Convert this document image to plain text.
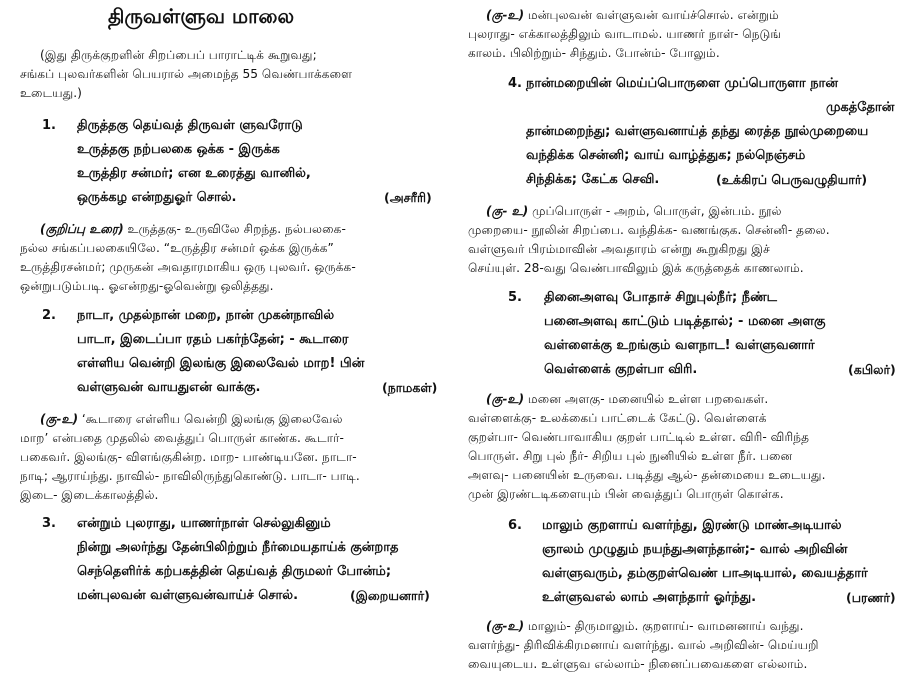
திருவள்ளுவ மாலை
(இது திருக்குறளின் சிறப்பைப் பாராட்டிக் கூறுவது;
சங்கப் புலவர்களின் பெயரால் அமைந்த 55 வெண்பாக்களை
உடையது.)
1. திருத்தகு தெய்வத் திருவள் ளுவரோடு
உருத்தகு நற்பலகை ஒக்க - இருக்க
உருத்திர சன்மர்; என உரைத்து வானில்,
ஒருக்கழ என்றதுஓர் சொல்.	(அசரீரி)
(குறிப்பு உரை) உருத்தகு- உருவிலே சிறந்த. நல்பலகை-
நல்ல சங்கப்பலகையிலே. “உருத்திர சன்மர் ஒக்க இருக்க”
உருத்திரசன்மர்; முருகன் அவதாரமாகிய ஒரு புலவர். ஒருக்க-
ஒன்றுபடும்படி. ஓஎன்றது-ஓவென்று ஒலித்தது.
2. நாடா, முதல்நான் மறை, நான் முகன்நாவில்
பாடா, இடைப்பா ரதம் பகர்ந்தேன்; - கூடாரை
எள்ளிய வென்றி இலங்கு இலைவேல் மாற! பின்
வள்ளுவன் வாயதுஎன் வாக்கு.	(நாமகள்)
(கு-உ) ‘கூடாரை எள்ளிய வென்றி இலங்கு இலைவேல்
மாற’ என்பதை முதலில் வைத்துப் பொருள் காண்க. கூடார்-
பகைவர். இலங்கு- விளங்குகின்ற. மாற- பாண்டியனே. நாடா-
நாடி; ஆராய்ந்து. நாவில்- நாவிலிருந்துகொண்டு. பாடா- பாடி.
இடை- இடைக்காலத்தில்.
3. என்றும் புலராது, யாணர்நாள் செல்லுகினும்
நின்று அலர்ந்து தேன்பிலிற்றும் நீர்மையதாய்க் குன்றாத
செந்தெளிர்க் கற்பகத்தின் தெய்வத் திருமலர் போன்ம்;
மன்புலவன் வள்ளுவன்வாய்ச் சொல்.	(இறையனார்)
(கு-உ) மன்புலவன் வள்ளுவன் வாய்ச்சொல். என்றும்
புலராது- எக்காலத்திலும் வாடாமல். யாணர் நாள்- நெடுங்
காலம். பிலிற்றும்- சிந்தும். போன்ம்- போலும்.
4. நான்மறையின் மெய்ப்பொருளை முப்பொருளா நான்
முகத்தோன்
தான்மறைந்து; வள்ளுவனாய்த் தந்து ரைத்த நூல்முறையை
வந்திக்க சென்னி; வாய் வாழ்த்துக; நல்நெஞ்சம்
சிந்திக்க; கேட்க செவி.	(உக்கிரப் பெருவழுதியார்)
(கு- உ) முப்பொருள் - அறம், பொருள், இன்பம். நூல்
முறையை- நூலின் சிறப்பை. வந்திக்க- வணங்குக. சென்னி- தலை.
வள்ளுவர் பிரம்மாவின் அவதாரம் என்று கூறுகிறது இச்
செய்யுள். 28-வது வெண்பாவிலும் இக் கருத்தைக் காணலாம்.
5. தினைஅளவு போதாச் சிறுபுல்நீர்; நீண்ட
பனைஅளவு காட்டும் படித்தால்; - மனை அளகு
வள்ளைக்கு உறங்கும் வளநாட! வள்ளுவனார்
வெள்ளைக் குறள்பா விரி.	(கபிலர்)
(கு-உ) மனை அளகு- மனையில் உள்ள பறவைகள்.
வள்ளைக்கு- உலக்கைப் பாட்டைக் கேட்டு. வெள்ளைக்
குறள்பா- வெண்பாவாகிய குறள் பாட்டில் உள்ள. விரி- விரிந்த
பொருள். சிறு புல் நீர்- சிறிய புல் நுனியில் உள்ள நீர். பனை
அளவு- பனையின் உருவை. படித்து ஆல்- தன்மையை உடையது.
முன் இரண்டடிகளையும் பின் வைத்துப் பொருள் கொள்க.
6. மாலும் குறளாய் வளர்ந்து, இரண்டு மாண்அடியால்
ஞாலம் முழுதும் நயந்துஅளந்தான்;- வால் அறிவின்
வள்ளுவரும், தம்குறள்வெண் பாஅடியால், வையத்தார்
உள்ளுவஎல் லாம் அளந்தார் ஓர்ந்து.	(பரணர்)
(கு-உ) மாலும்- திருமாலும். குறளாய்- வாமனனாய் வந்து.
வளர்ந்து- திரிவிக்கிரமனாய் வளர்ந்து. வால் அறிவின்- மெய்யறி
வையுடைய. உள்ளுவ எல்லாம்- நினைப்பவைகளை எல்லாம்.
